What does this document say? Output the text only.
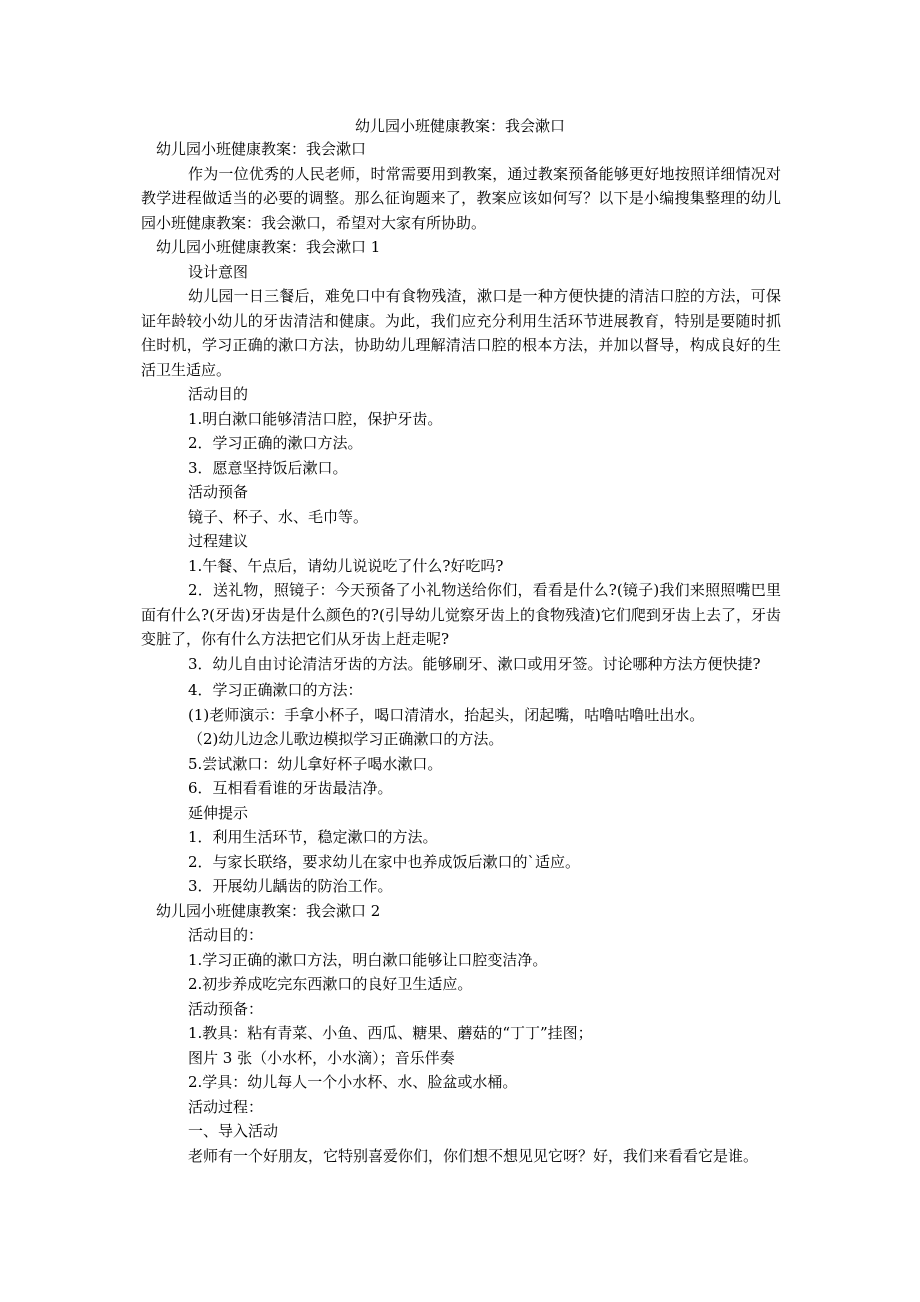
幼儿园小班健康教案：我会漱口

幼儿园小班健康教案：我会漱口

作为一位优秀的人民老师，时常需要用到教案，通过教案预备能够更好地按照详细情况对教学进程做适当的必要的调整。那么征询题来了，教案应该如何写？以下是小编搜集整理的幼儿园小班健康教案：我会漱口，希望对大家有所协助。

幼儿园小班健康教案：我会漱口 1

设计意图

幼儿园一日三餐后，难免口中有食物残渣，漱口是一种方便快捷的清洁口腔的方法，可保证年龄较小幼儿的牙齿清洁和健康。为此，我们应充分利用生活环节进展教育，特别是要随时抓住时机，学习正确的漱口方法，协助幼儿理解清洁口腔的根本方法，并加以督导，构成良好的生活卫生适应。

活动目的

1.明白漱口能够清洁口腔，保护牙齿。

2．学习正确的漱口方法。

3．愿意坚持饭后漱口。

活动预备

镜子、杯子、水、毛巾等。

过程建议

1.午餐、午点后，请幼儿说说吃了什么?好吃吗?

2．送礼物，照镜子：今天预备了小礼物送给你们，看看是什么?(镜子)我们来照照嘴巴里面有什么?(牙齿)牙齿是什么颜色的?(引导幼儿觉察牙齿上的食物残渣)它们爬到牙齿上去了，牙齿变脏了，你有什么方法把它们从牙齿上赶走呢?

3．幼儿自由讨论清洁牙齿的方法。能够刷牙、漱口或用牙签。讨论哪种方法方便快捷?

4．学习正确漱口的方法：

(1)老师演示：手拿小杯子，喝口清清水，抬起头，闭起嘴，咕噜咕噜吐出水。

（2)幼儿边念儿歌边模拟学习正确漱口的方法。

5.尝试漱口：幼儿拿好杯子喝水漱口。

6．互相看看谁的牙齿最洁净。

延伸提示

1．利用生活环节，稳定漱口的方法。

2．与家长联络，要求幼儿在家中也养成饭后漱口的`适应。

3．开展幼儿龋齿的防治工作。

幼儿园小班健康教案：我会漱口 2

活动目的：

1.学习正确的漱口方法，明白漱口能够让口腔变洁净。

2.初步养成吃完东西漱口的良好卫生适应。

活动预备：

1.教具：粘有青菜、小鱼、西瓜、糖果、蘑菇的“丁丁”挂图；

图片 3 张（小水杯，小水滴）；音乐伴奏

2.学具：幼儿每人一个小水杯、水、脸盆或水桶。

活动过程：

一、导入活动

老师有一个好朋友，它特别喜爱你们，你们想不想见见它呀？好，我们来看看它是谁。
